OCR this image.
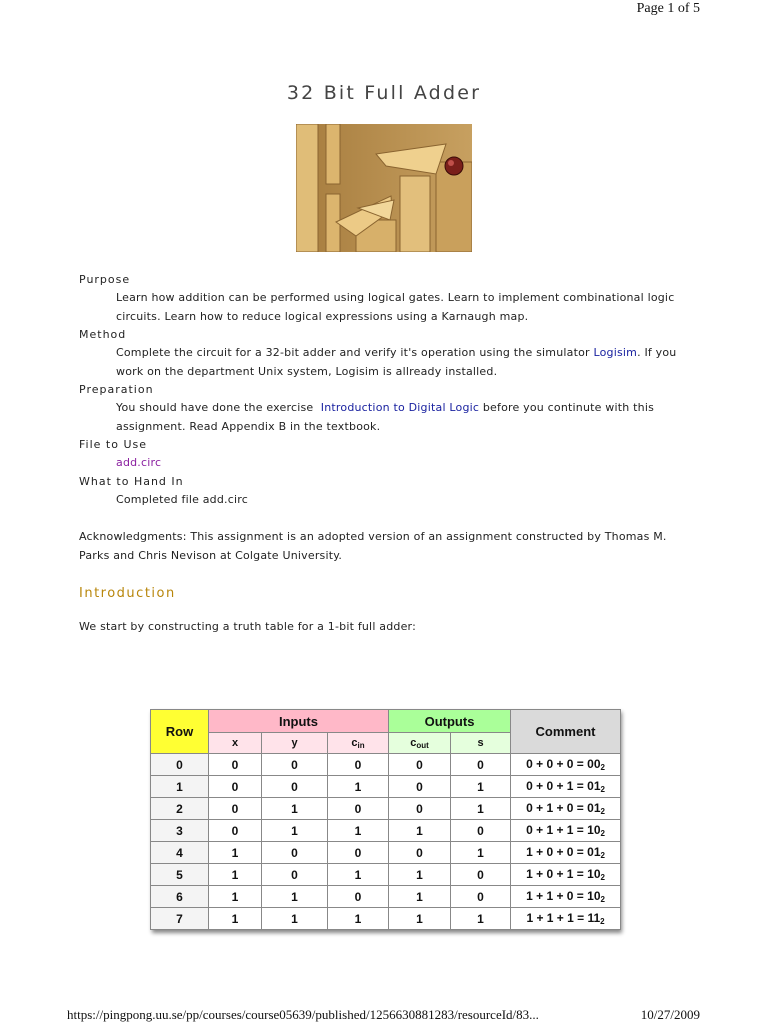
Page 1 of 5
32 Bit Full Adder
Purpose
Learn how addition can be performed using logical gates. Learn to implement combinational logic circuits. Learn how to reduce logical expressions using a Karnaugh map.
Method
Complete the circuit for a 32-bit adder and verify it's operation using the simulator Logisim. If you work on the department Unix system, Logisim is allready installed.
Preparation
You should have done the exercise  Introduction to Digital Logic before you continute with this assignment. Read Appendix B in the textbook.
File to Use
add.circ
What to Hand In
Completed file add.circ
Acknowledgments: This assignment is an adopted version of an assignment constructed by Thomas M. Parks and Chris Nevison at Colgate University.
Introduction
We start by constructing a truth table for a 1-bit full adder:
Row	Inputs			Outputs		Comment
	x	y	$c_{in}$	$c_{out}$	s	
0	0	0	0	0	0	$0 + 0 + 0 = 00_2$
1	0	0	1	0	1	$0 + 0 + 1 = 01_2$
2	0	1	0	0	1	$0 + 1 + 0 = 01_2$
3	0	1	1	1	0	$0 + 1 + 1 = 10_2$
4	1	0	0	0	1	$1 + 0 + 0 = 01_2$
5	1	0	1	1	0	$1 + 0 + 1 = 10_2$
6	1	1	0	1	0	$1 + 1 + 0 = 10_2$
7	1	1	1	1	1	$1 + 1 + 1 = 11_2$
https://pingpong.uu.se/pp/courses/course05639/published/1256630881283/resourceId/83...	10/27/2009
